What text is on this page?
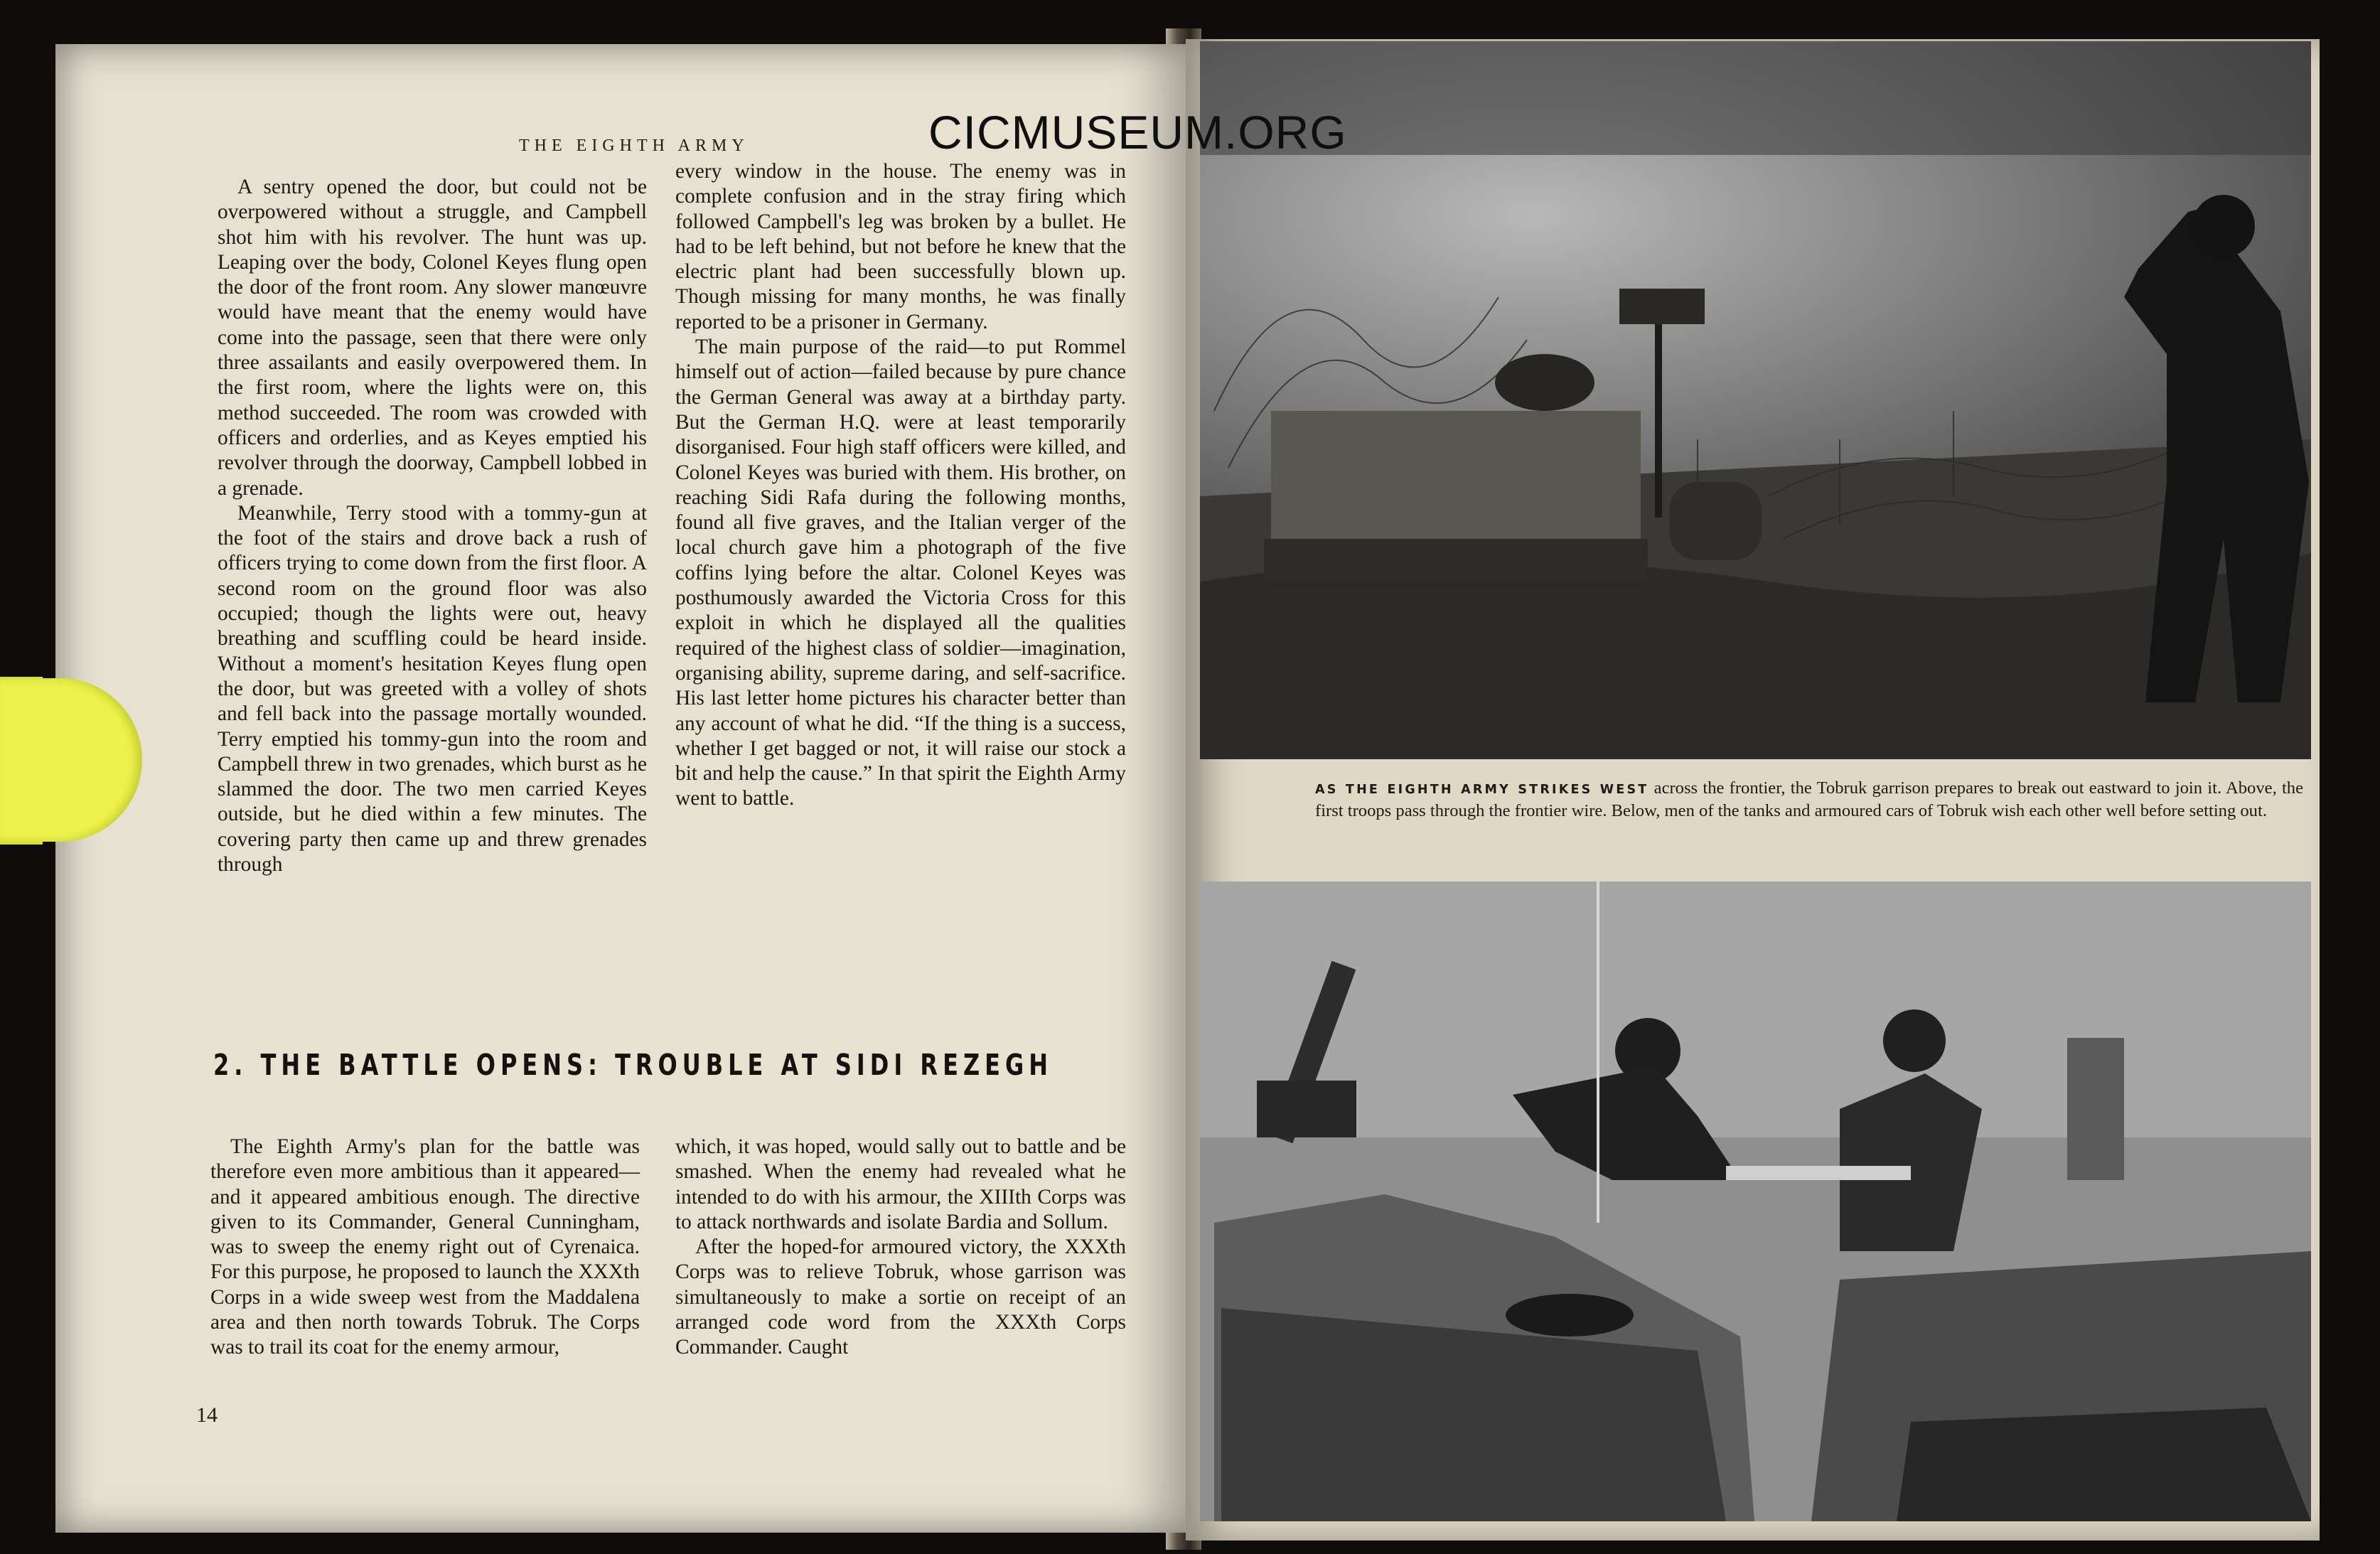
THE EIGHTH ARMY

A sentry opened the door, but could not be overpowered without a struggle, and Campbell shot him with his revolver. The hunt was up. Leaping over the body, Colonel Keyes flung open the door of the front room. Any slower manœuvre would have meant that the enemy would have come into the passage, seen that there were only three assailants and easily overpowered them. In the first room, where the lights were on, this method succeeded. The room was crowded with officers and orderlies, and as Keyes emptied his revolver through the doorway, Campbell lobbed in a grenade.

Meanwhile, Terry stood with a tommy-gun at the foot of the stairs and drove back a rush of officers trying to come down from the first floor. A second room on the ground floor was also occupied; though the lights were out, heavy breathing and scuffling could be heard inside. Without a moment's hesitation Keyes flung open the door, but was greeted with a volley of shots and fell back into the passage mortally wounded. Terry emptied his tommy-gun into the room and Campbell threw in two grenades, which burst as he slammed the door. The two men carried Keyes outside, but he died within a few minutes. The covering party then came up and threw grenades through

every window in the house. The enemy was in complete confusion and in the stray firing which followed Campbell's leg was broken by a bullet. He had to be left behind, but not before he knew that the electric plant had been successfully blown up. Though missing for many months, he was finally reported to be a prisoner in Germany.

The main purpose of the raid—to put Rommel himself out of action—failed because by pure chance the German General was away at a birthday party. But the German H.Q. were at least temporarily disorganised. Four high staff officers were killed, and Colonel Keyes was buried with them. His brother, on reaching Sidi Rafa during the following months, found all five graves, and the Italian verger of the local church gave him a photograph of the five coffins lying before the altar. Colonel Keyes was posthumously awarded the Victoria Cross for this exploit in which he displayed all the qualities required of the highest class of soldier—imagination, organising ability, supreme daring, and self-sacrifice. His last letter home pictures his character better than any account of what he did. “If the thing is a success, whether I get bagged or not, it will raise our stock a bit and help the cause.” In that spirit the Eighth Army went to battle.

2. THE BATTLE OPENS: TROUBLE AT SIDI REZEGH

The Eighth Army's plan for the battle was therefore even more ambitious than it appeared—and it appeared ambitious enough. The directive given to its Commander, General Cunningham, was to sweep the enemy right out of Cyrenaica. For this purpose, he proposed to launch the XXXth Corps in a wide sweep west from the Maddalena area and then north towards Tobruk. The Corps was to trail its coat for the enemy armour,

which, it was hoped, would sally out to battle and be smashed. When the enemy had revealed what he intended to do with his armour, the XIIIth Corps was to attack northwards and isolate Bardia and Sollum.

After the hoped-for armoured victory, the XXXth Corps was to relieve Tobruk, whose garrison was simultaneously to make a sortie on receipt of an arranged code word from the XXXth Corps Commander. Caught

14
AS THE EIGHTH ARMY STRIKES WEST across the frontier, the Tobruk garrison prepares to break out eastward to join it. Above, the first troops pass through the frontier wire. Below, men of the tanks and armoured cars of Tobruk wish each other well before setting out.
CICMUSEUM.ORG
